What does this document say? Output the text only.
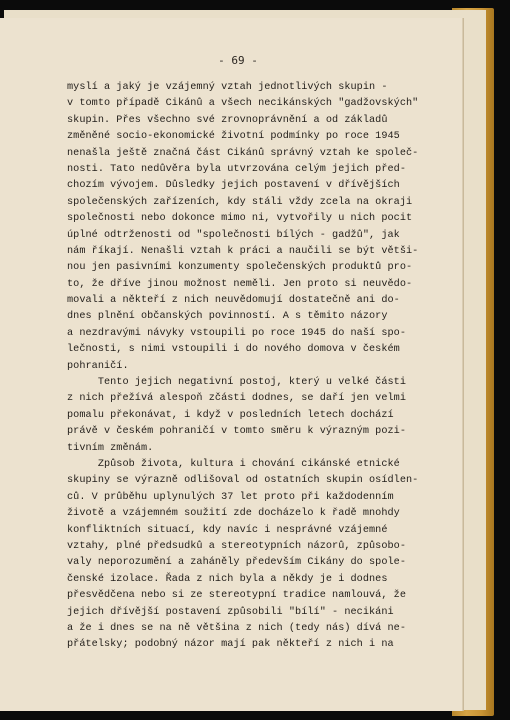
- 69 -
myslí a jaký je vzájemný vztah jednotlivých skupin -
v tomto případě Cikánů a všech necikánských "gadžovských"
skupin. Přes všechno své zrovnoprávnění a od základů
změněné socio-ekonomické životní podmínky po roce 1945
nenašla ještě značná část Cikánů správný vztah ke společ-
nosti. Tato nedůvěra byla utvrzována celým jejich před-
chozím vývojem. Důsledky jejich postavení v dřívějších
společenských zařízeních, kdy stáli vždy zcela na okraji
společnosti nebo dokonce mimo ni, vytvořily u nich pocit
úplné odtrženosti od "společnosti bílých - gadžů", jak
nám říkají. Nenašli vztah k práci a naučili se být větši-
nou jen pasivními konzumenty společenských produktů pro-
to, že dříve jinou možnost neměli. Jen proto si neuvědo-
movali a někteří z nich neuvědomují dostatečně ani do-
dnes plnění občanských povinností. A s těmito názory
a nezdravými návyky vstoupili po roce 1945 do naší spo-
lečnosti, s nimi vstoupili i do nového domova v českém
pohraničí.
Tento jejich negativní postoj, který u velké části
z nich přežívá alespoň zčásti dodnes, se daří jen velmi
pomalu překonávat, i když v posledních letech dochází
právě v českém pohraničí v tomto směru k výrazným pozi-
tivním změnám.
Způsob života, kultura i chování cikánské etnické
skupiny se výrazně odlišoval od ostatních skupin osídlen-
ců. V průběhu uplynulých 37 let proto při každodenním
životě a vzájemném soužití zde docházelo k řadě mnohdy
konfliktních situací, kdy navíc i nesprávné vzájemné
vztahy, plné předsudků a stereotypních názorů, způsobo-
valy neporozumění a zaháněly především Cikány do spole-
čenské izolace. Řada z nich byla a někdy je i dodnes
přesvědčena nebo si ze stereotypní tradice namlouvá, že
jejich dřívější postavení způsobili "bílí" - necikáni
a že i dnes se na ně většina z nich (tedy nás) dívá ne-
přátelsky; podobný názor mají pak někteří z nich i na
